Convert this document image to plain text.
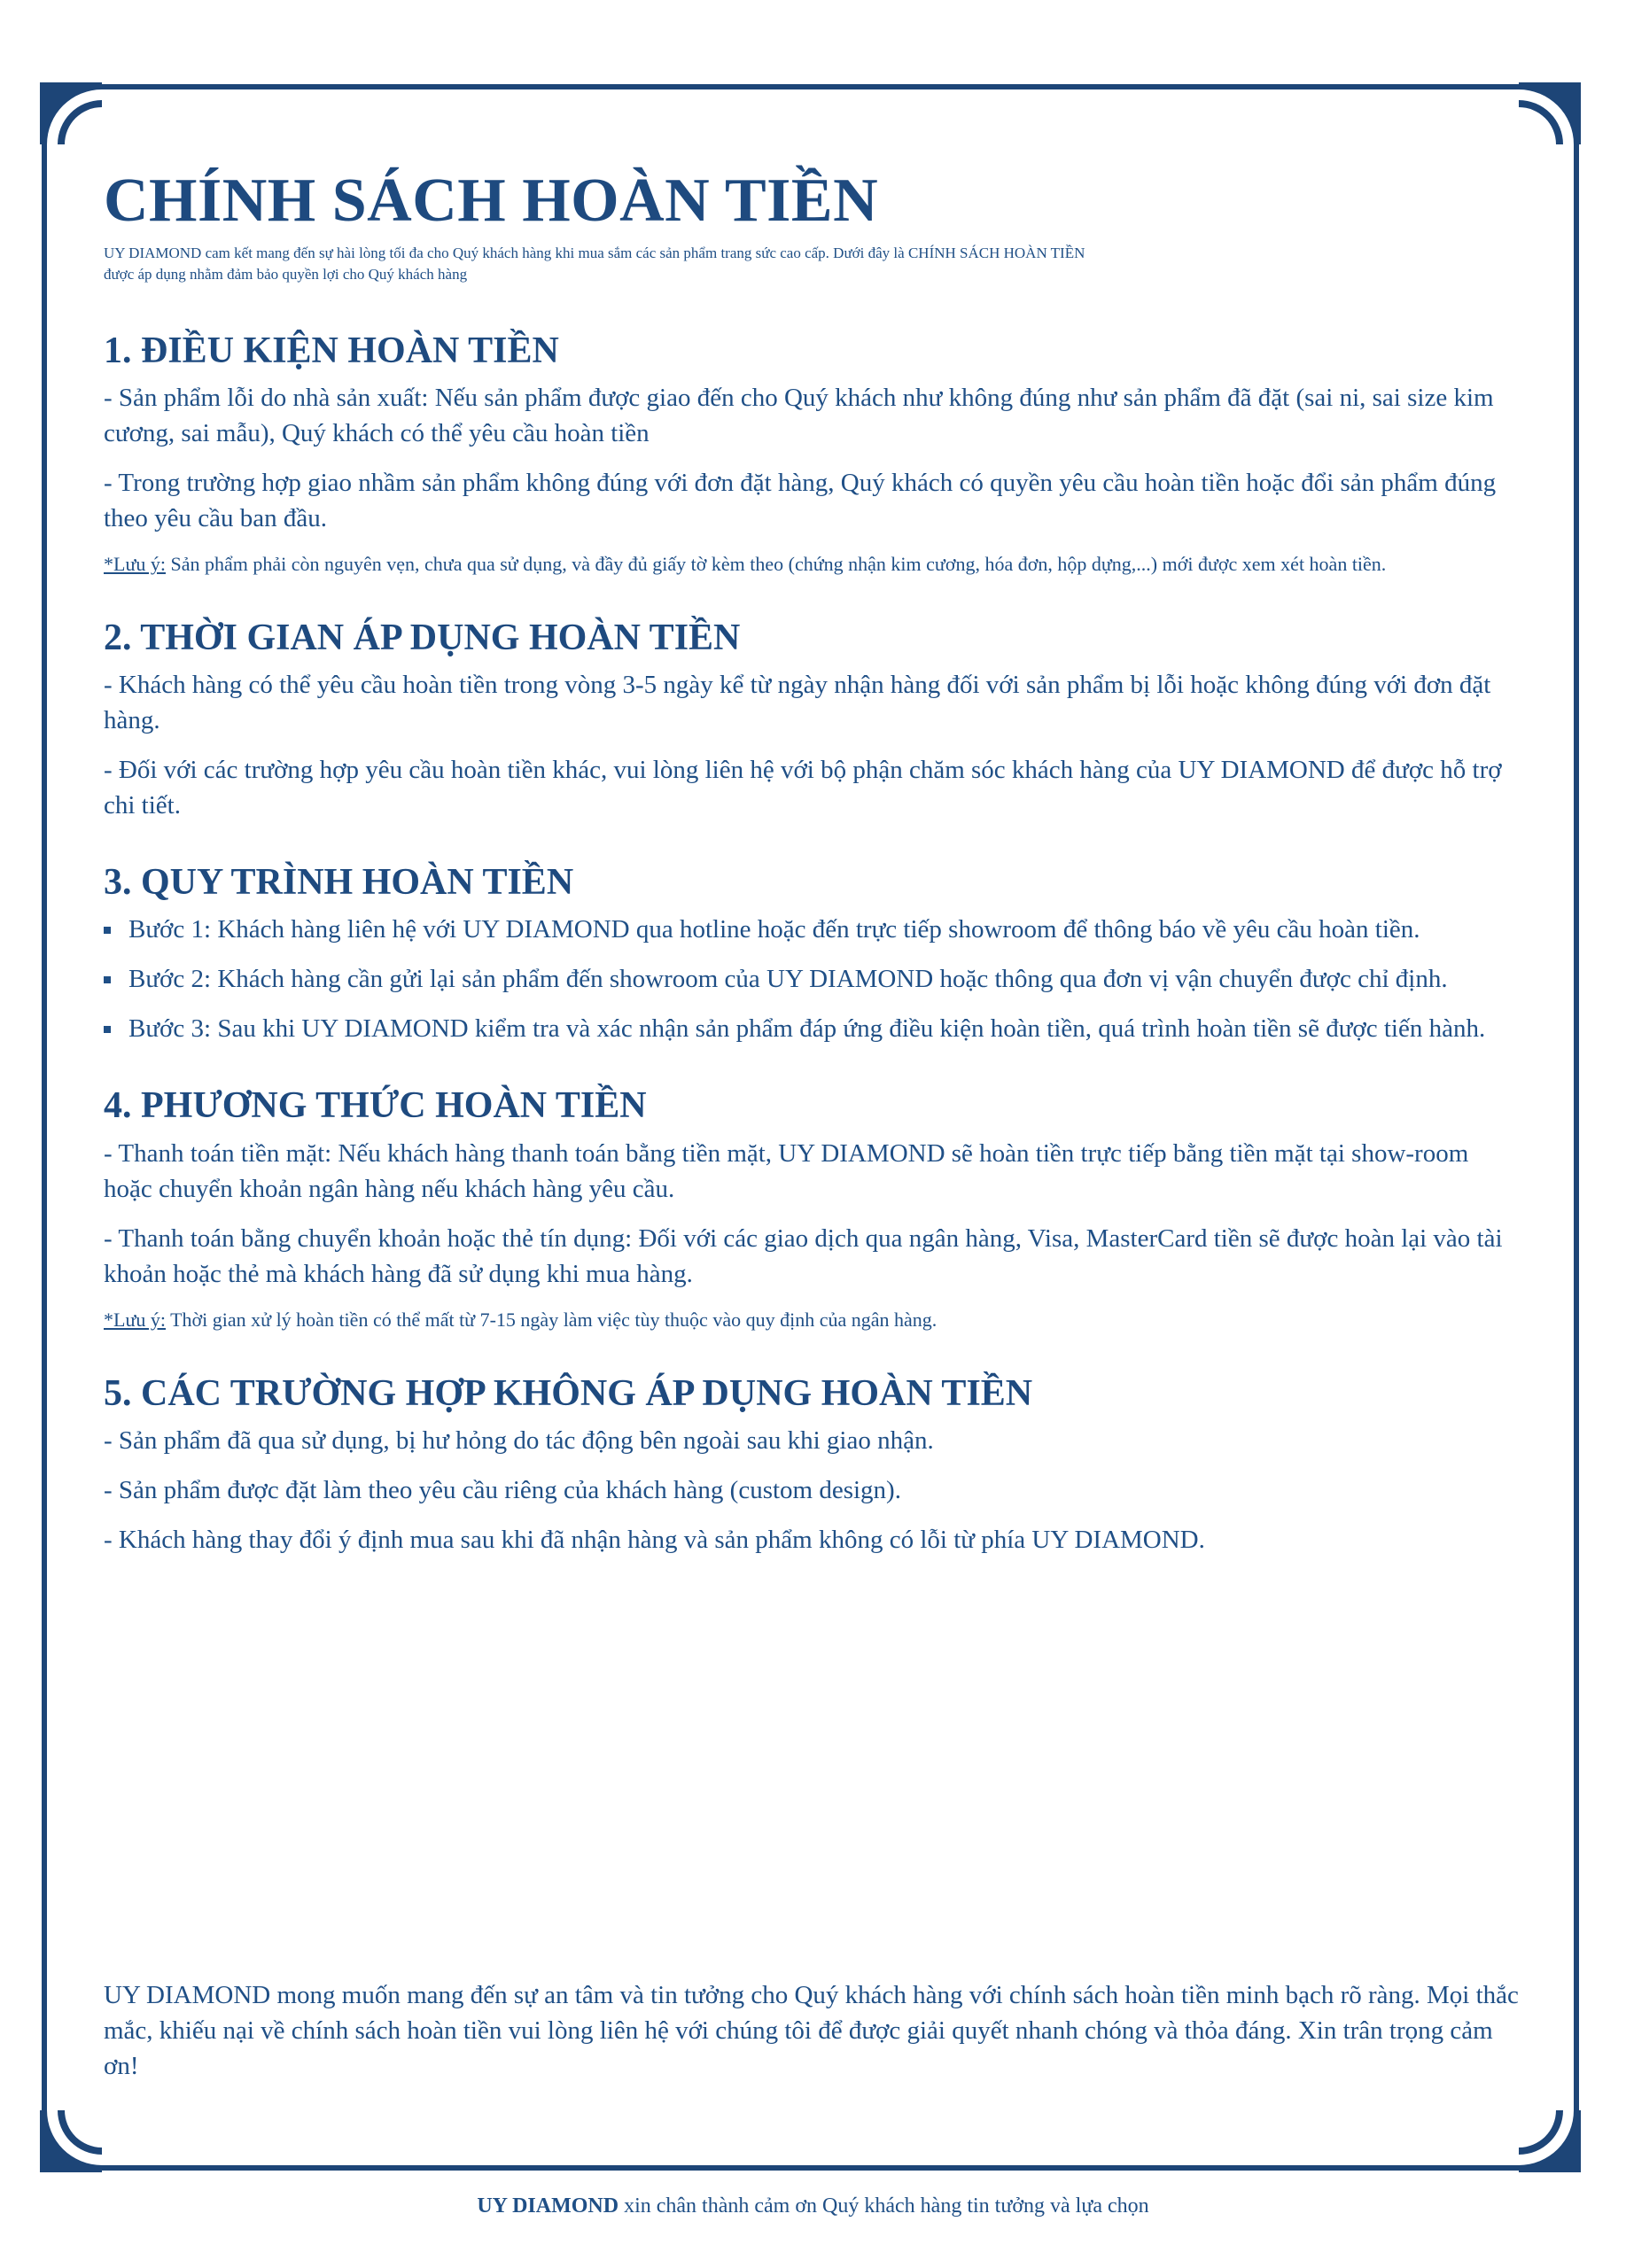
CHÍNH SÁCH HOÀN TIỀN

UY DIAMOND cam kết mang đến sự hài lòng tối đa cho Quý khách hàng khi mua sắm các sản phẩm trang sức cao cấp. Dưới đây là CHÍNH SÁCH HOÀN TIỀN được áp dụng nhằm đảm bảo quyền lợi cho Quý khách hàng

1. ĐIỀU KIỆN HOÀN TIỀN

- Sản phẩm lỗi do nhà sản xuất: Nếu sản phẩm được giao đến cho Quý khách như không đúng như sản phẩm đã đặt (sai ni, sai size kim cương, sai mẫu), Quý khách có thể yêu cầu hoàn tiền

- Trong trường hợp giao nhầm sản phẩm không đúng với đơn đặt hàng, Quý khách có quyền yêu cầu hoàn tiền hoặc đổi sản phẩm đúng theo yêu cầu ban đầu.

*Lưu ý: Sản phẩm phải còn nguyên vẹn, chưa qua sử dụng, và đầy đủ giấy tờ kèm theo (chứng nhận kim cương, hóa đơn, hộp dựng,...) mới được xem xét hoàn tiền.

2. THỜI GIAN ÁP DỤNG HOÀN TIỀN

- Khách hàng có thể yêu cầu hoàn tiền trong vòng 3-5 ngày kể từ ngày nhận hàng đối với sản phẩm bị lỗi hoặc không đúng với đơn đặt hàng.

- Đối với các trường hợp yêu cầu hoàn tiền khác, vui lòng liên hệ với bộ phận chăm sóc khách hàng của UY DIAMOND để được hỗ trợ chi tiết.

3. QUY TRÌNH HOÀN TIỀN
Bước 1: Khách hàng liên hệ với UY DIAMOND qua hotline hoặc đến trực tiếp showroom để thông báo về yêu cầu hoàn tiền.
Bước 2: Khách hàng cần gửi lại sản phẩm đến showroom của UY DIAMOND hoặc thông qua đơn vị vận chuyển được chỉ định.
Bước 3: Sau khi UY DIAMOND kiểm tra và xác nhận sản phẩm đáp ứng điều kiện hoàn tiền, quá trình hoàn tiền sẽ được tiến hành.
4. PHƯƠNG THỨC HOÀN TIỀN

- Thanh toán tiền mặt: Nếu khách hàng thanh toán bằng tiền mặt, UY DIAMOND sẽ hoàn tiền trực tiếp bằng tiền mặt tại show-room hoặc chuyển khoản ngân hàng nếu khách hàng yêu cầu.

- Thanh toán bằng chuyển khoản hoặc thẻ tín dụng: Đối với các giao dịch qua ngân hàng, Visa, MasterCard tiền sẽ được hoàn lại vào tài khoản hoặc thẻ mà khách hàng đã sử dụng khi mua hàng.

*Lưu ý: Thời gian xử lý hoàn tiền có thể mất từ 7-15 ngày làm việc tùy thuộc vào quy định của ngân hàng.

5. CÁC TRƯỜNG HỢP KHÔNG ÁP DỤNG HOÀN TIỀN

- Sản phẩm đã qua sử dụng, bị hư hỏng do tác động bên ngoài sau khi giao nhận.

- Sản phẩm được đặt làm theo yêu cầu riêng của khách hàng (custom design).

- Khách hàng thay đổi ý định mua sau khi đã nhận hàng và sản phẩm không có lỗi từ phía UY DIAMOND.

UY DIAMOND mong muốn mang đến sự an tâm và tin tưởng cho Quý khách hàng với chính sách hoàn tiền minh bạch rõ ràng. Mọi thắc mắc, khiếu nại về chính sách hoàn tiền vui lòng liên hệ với chúng tôi để được giải quyết nhanh chóng và thỏa đáng. Xin trân trọng cảm ơn!

UY DIAMOND xin chân thành cảm ơn Quý khách hàng tin tưởng và lựa chọn
